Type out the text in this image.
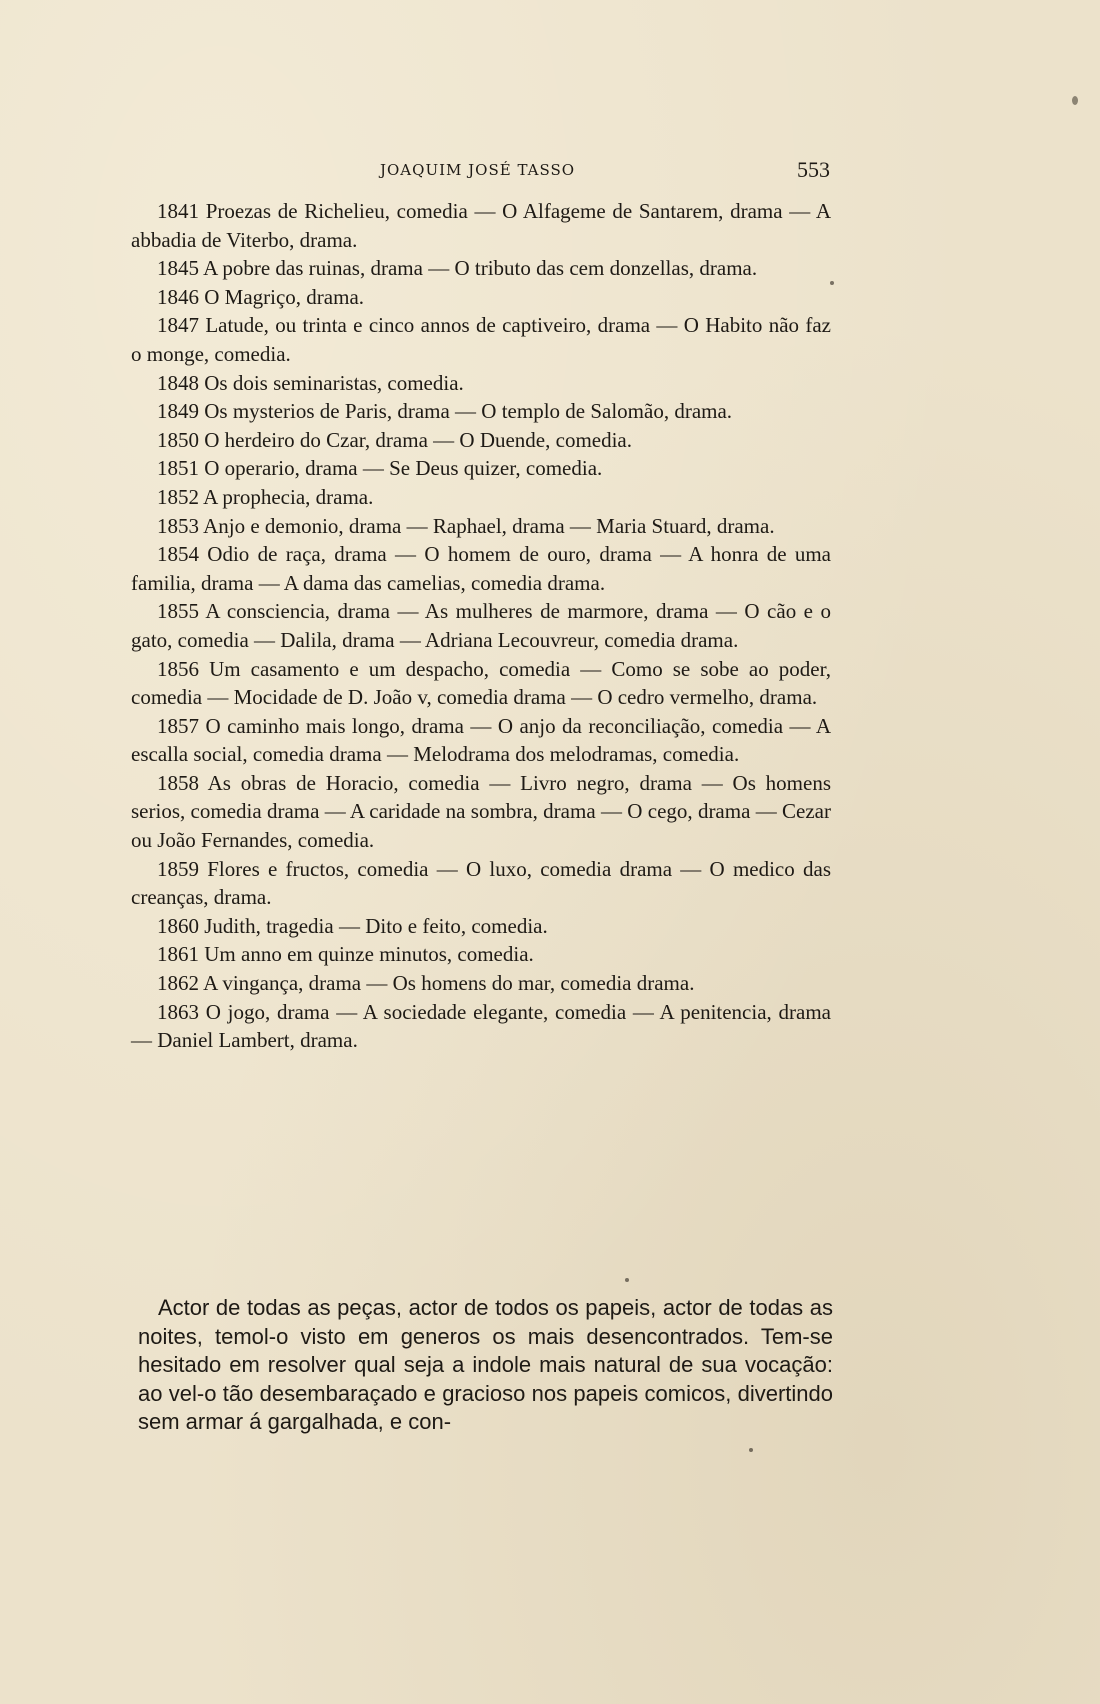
JOAQUIM JOSÉ TASSO	553

1841 Proezas de Richelieu, comedia — O Alfageme de Santarem, drama — A abbadia de Viterbo, drama.

1845 A pobre das ruinas, drama — O tributo das cem donzellas, drama.

1846 O Magriço, drama.

1847 Latude, ou trinta e cinco annos de captiveiro, drama — O Habito não faz o monge, comedia.

1848 Os dois seminaristas, comedia.

1849 Os mysterios de Paris, drama — O templo de Salomão, drama.

1850 O herdeiro do Czar, drama — O Duende, comedia.

1851 O operario, drama — Se Deus quizer, comedia.

1852 A prophecia, drama.

1853 Anjo e demonio, drama — Raphael, drama — Maria Stuard, drama.

1854 Odio de raça, drama — O homem de ouro, drama — A honra de uma familia, drama — A dama das camelias, comedia drama.

1855 A consciencia, drama — As mulheres de marmore, drama — O cão e o gato, comedia — Dalila, drama — Adriana Lecouvreur, comedia drama.

1856 Um casamento e um despacho, comedia — Como se sobe ao poder, comedia — Mocidade de D. João v, comedia drama — O cedro vermelho, drama.

1857 O caminho mais longo, drama — O anjo da reconciliação, comedia — A escalla social, comedia drama — Melodrama dos melodramas, comedia.

1858 As obras de Horacio, comedia — Livro negro, drama — Os homens serios, comedia drama — A caridade na sombra, drama — O cego, drama — Cezar ou João Fernandes, comedia.

1859 Flores e fructos, comedia — O luxo, comedia drama — O medico das creanças, drama.

1860 Judith, tragedia — Dito e feito, comedia.

1861 Um anno em quinze minutos, comedia.

1862 A vingança, drama — Os homens do mar, comedia drama.

1863 O jogo, drama — A sociedade elegante, comedia — A penitencia, drama — Daniel Lambert, drama.

Actor de todas as peças, actor de todos os papeis, actor de todas as noites, temol-o visto em generos os mais desencontrados. Tem-se hesitado em resolver qual seja a indole mais natural de sua vocação: ao vel-o tão desembaraçado e gracioso nos papeis comicos, divertindo sem armar á gargalhada, e con-
